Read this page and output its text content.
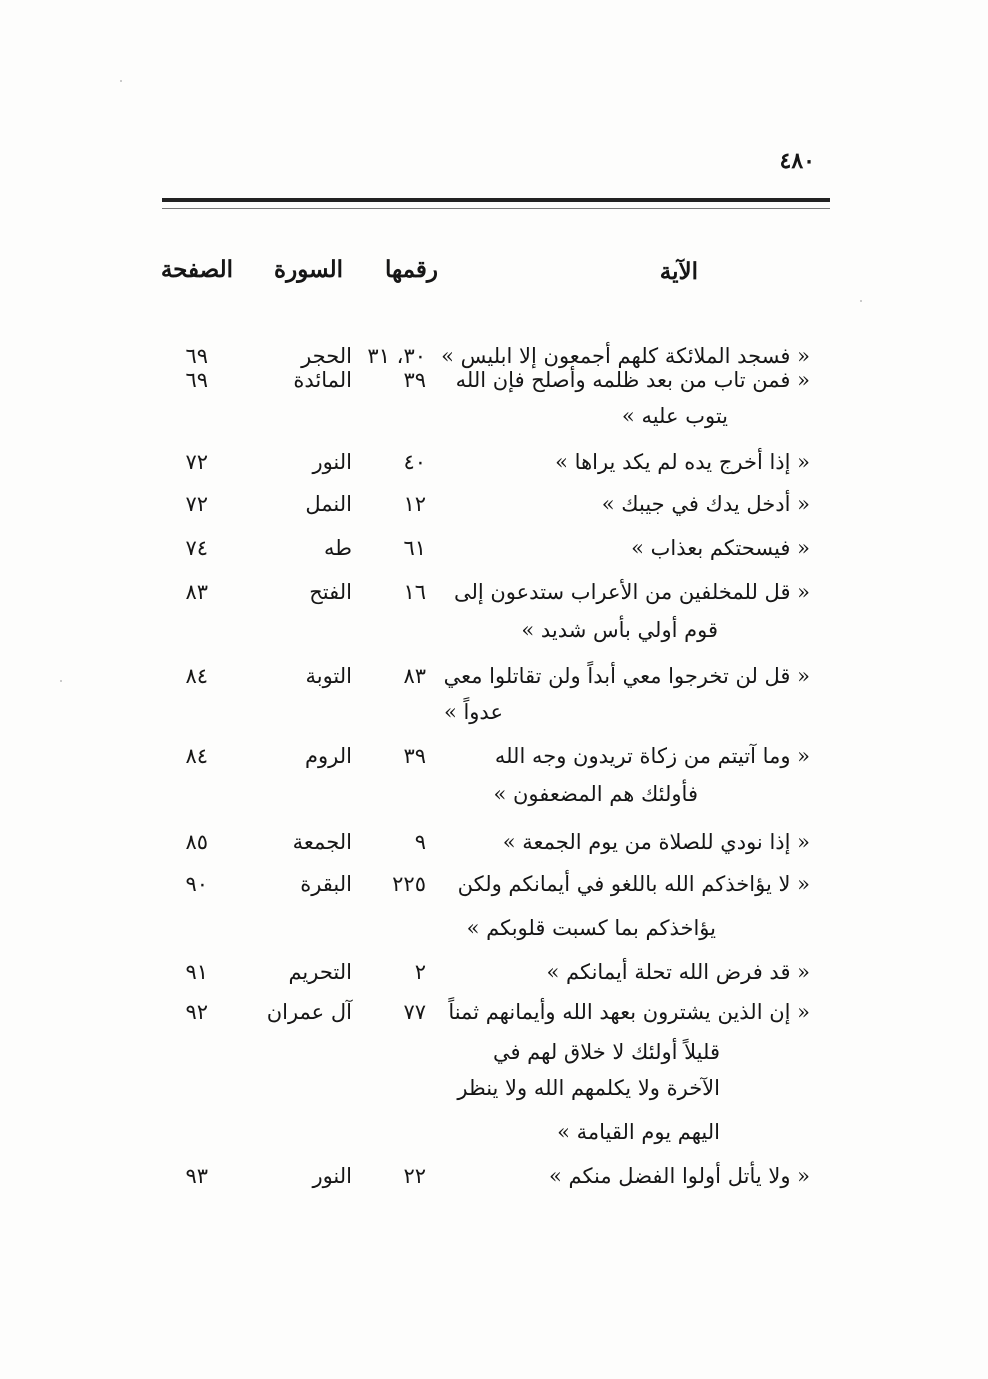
٤٨٠
الآية
رقمها
السورة
الصفحة
« فسجد الملائكة كلهم أجمعون إلا ابليس »
٣٠، ٣١
الحجر
٦٩
« فمن تاب من بعد ظلمه وأصلح فإن الله
يتوب عليه »
٣٩
المائدة
٦٩
« إذا أخرج يده لم يكد يراها »
٤٠
النور
٧٢
« أدخل يدك في جيبك »
١٢
النمل
٧٢
« فيسحتكم بعذاب »
٦١
طه
٧٤
« قل للمخلفين من الأعراب ستدعون إلى
قوم أولي بأس شديد »
١٦
الفتح
٨٣
« قل لن تخرجوا معي أبداً ولن تقاتلوا معي
عدواً »
٨٣
التوبة
٨٤
« وما آتيتم من زكاة تريدون وجه الله
فأولئك هم المضعفون »
٣٩
الروم
٨٤
« إذا نودي للصلاة من يوم الجمعة »
٩
الجمعة
٨٥
« لا يؤاخذكم الله باللغو في أيمانكم ولكن
يؤاخذكم بما كسبت قلوبكم »
٢٢٥
البقرة
٩٠
« قد فرض الله تحلة أيمانكم »
٢
التحريم
٩١
« إن الذين يشترون بعهد الله وأيمانهم ثمناً
قليلاً أولئك لا خلاق لهم في
الآخرة ولا يكلمهم الله ولا ينظر
اليهم يوم القيامة »
٧٧
آل عمران
٩٢
« ولا يأتل أولوا الفضل منكم »
٢٢
النور
٩٣
